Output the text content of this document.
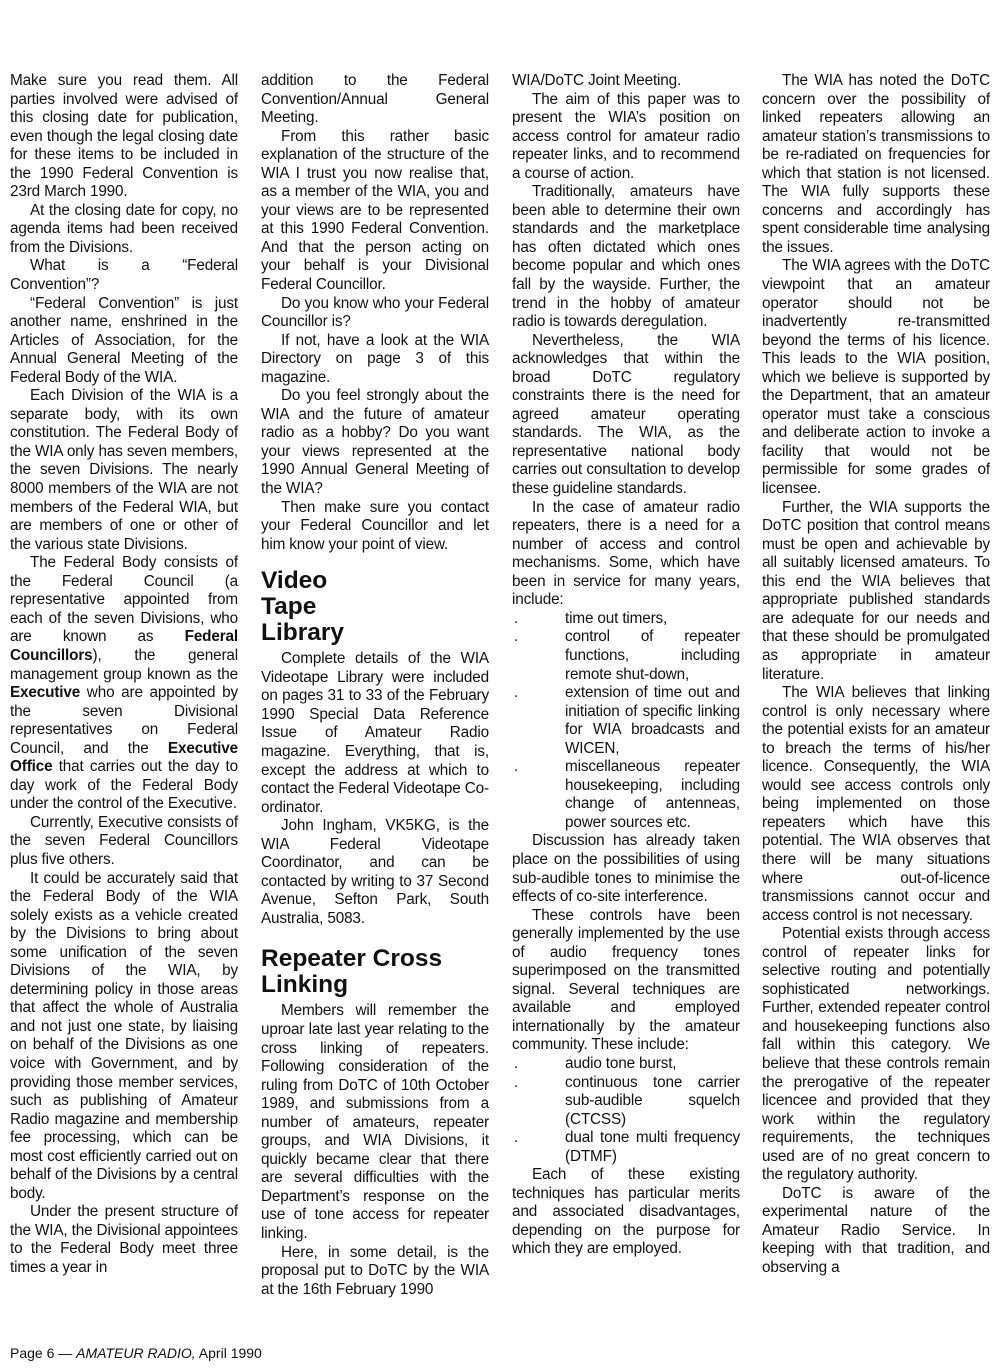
Make sure you read them. All parties involved were advised of this closing date for publication, even though the legal closing date for these items to be included in the 1990 Federal Convention is 23rd March 1990.

At the closing date for copy, no agenda items had been received from the Divisions.

What is a “Federal Convention”?

“Federal Convention” is just another name, enshrined in the Articles of Association, for the Annual General Meeting of the Federal Body of the WIA.

Each Division of the WIA is a separate body, with its own constitution. The Federal Body of the WIA only has seven members, the seven Divisions. The nearly 8000 members of the WIA are not members of the Federal WIA, but are members of one or other of the various state Divisions.

The Federal Body consists of the Federal Council (a representative appointed from each of the seven Divisions, who are known as Federal Councillors), the general management group known as the Executive who are appointed by the seven Divisional representatives on Federal Council, and the Executive Office that carries out the day to day work of the Federal Body under the control of the Executive.

Currently, Executive consists of the seven Federal Councillors plus five others.

It could be accurately said that the Federal Body of the WIA solely exists as a vehicle created by the Divisions to bring about some unification of the seven Divisions of the WIA, by determining policy in those areas that affect the whole of Australia and not just one state, by liaising on behalf of the Divisions as one voice with Government, and by providing those member services, such as publishing of Amateur Radio magazine and membership fee processing, which can be most cost efficiently carried out on behalf of the Divisions by a central body.

Under the present structure of the WIA, the Divisional appointees to the Federal Body meet three times a year in

addition to the Federal Convention/Annual General Meeting.

From this rather basic explanation of the structure of the WIA I trust you now realise that, as a member of the WIA, you and your views are to be represented at this 1990 Federal Convention. And that the person acting on your behalf is your Divisional Federal Councillor.

Do you know who your Federal Councillor is?

If not, have a look at the WIA Directory on page 3 of this magazine.

Do you feel strongly about the WIA and the future of amateur radio as a hobby? Do you want your views represented at the 1990 Annual General Meeting of the WIA?

Then make sure you contact your Federal Councillor and let him know your point of view.

Video Tape Library

Complete details of the WIA Videotape Library were included on pages 31 to 33 of the February 1990 Special Data Reference Issue of Amateur Radio magazine. Everything, that is, except the address at which to contact the Federal Videotape Co-ordinator.

John Ingham, VK5KG, is the WIA Federal Videotape Coordinator, and can be contacted by writing to 37 Second Avenue, Sefton Park, South Australia, 5083.

Repeater Cross Linking

Members will remember the uproar late last year relating to the cross linking of repeaters. Following consideration of the ruling from DoTC of 10th October 1989, and submissions from a number of amateurs, repeater groups, and WIA Divisions, it quickly became clear that there are several difficulties with the Department’s response on the use of tone access for repeater linking.

Here, in some detail, is the proposal put to DoTC by the WIA at the 16th February 1990

WIA/DoTC Joint Meeting.

The aim of this paper was to present the WIA’s position on access control for amateur radio repeater links, and to recommend a course of action.

Traditionally, amateurs have been able to determine their own standards and the marketplace has often dictated which ones become popular and which ones fall by the wayside. Further, the trend in the hobby of amateur radio is towards deregulation.

Nevertheless, the WIA acknowledges that within the broad DoTC regulatory constraints there is the need for agreed amateur operating standards. The WIA, as the representative national body carries out consultation to develop these guideline standards.

In the case of amateur radio repeaters, there is a need for a number of access and control mechanisms. Some, which have been in service for many years, include:

.	time out timers,

.	control of repeater functions, including remote shut-down,

.	extension of time out and initiation of specific linking for WIA broadcasts and WICEN,

.	miscellaneous repeater housekeeping, including change of antenneas, power sources etc.

Discussion has already taken place on the possibilities of using sub-audible tones to minimise the effects of co-site interference.

These controls have been generally implemented by the use of audio frequency tones superimposed on the transmitted signal. Several techniques are available and employed internationally by the amateur community. These include:

.	audio tone burst,

.	continuous tone carrier sub-audible squelch (CTCSS)

.	dual tone multi frequency (DTMF)

Each of these existing techniques has particular merits and associated disadvantages, depending on the purpose for which they are employed.

The WIA has noted the DoTC concern over the possibility of linked repeaters allowing an amateur station’s transmissions to be re-radiated on frequencies for which that station is not licensed. The WIA fully supports these concerns and accordingly has spent considerable time analysing the issues.

The WIA agrees with the DoTC viewpoint that an amateur operator should not be inadvertently re-transmitted beyond the terms of his licence. This leads to the WIA position, which we believe is supported by the Department, that an amateur operator must take a conscious and deliberate action to invoke a facility that would not be permissible for some grades of licensee.

Further, the WIA supports the DoTC position that control means must be open and achievable by all suitably licensed amateurs. To this end the WIA believes that appropriate published standards are adequate for our needs and that these should be promulgated as appropriate in amateur literature.

The WIA believes that linking control is only necessary where the potential exists for an amateur to breach the terms of his/her licence. Consequently, the WIA would see access controls only being implemented on those repeaters which have this potential. The WIA observes that there will be many situations where out-of-licence transmissions cannot occur and access control is not necessary.

Potential exists through access control of repeater links for selective routing and potentially sophisticated networkings. Further, extended repeater control and housekeeping functions also fall within this category. We believe that these controls remain the prerogative of the repeater licencee and provided that they work within the regulatory requirements, the techniques used are of no great concern to the regulatory authority.

DoTC is aware of the experimental nature of the Amateur Radio Service. In keeping with that tradition, and observing a

Page 6 — AMATEUR RADIO, April 1990
